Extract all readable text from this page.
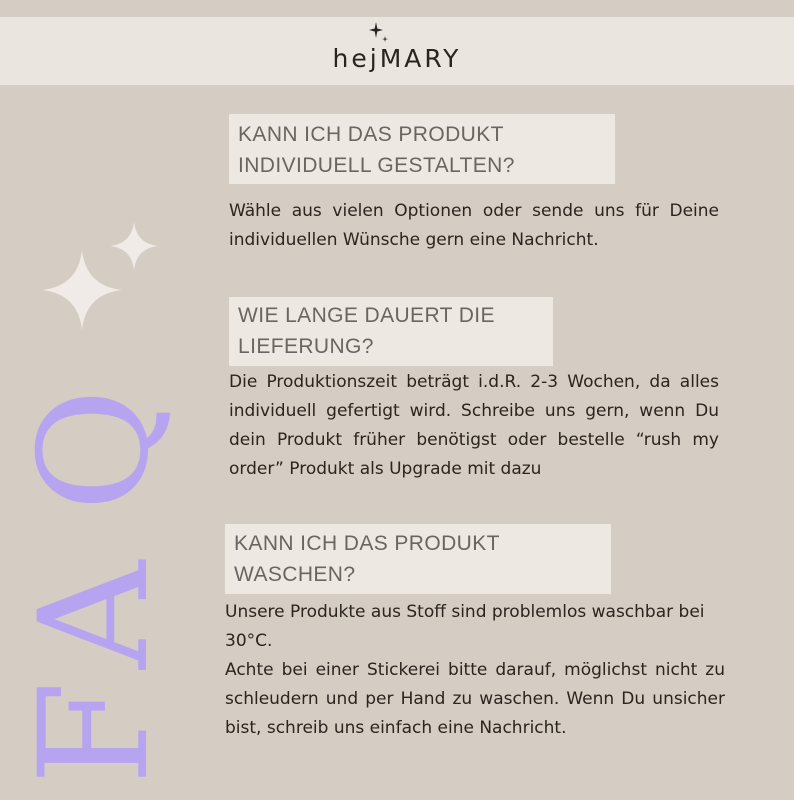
hejMARY
F
A
Q
KANN ICH DAS PRODUKT INDIVIDUELL GESTALTEN?
Wähle aus vielen Optionen oder sende uns für Deine individuellen Wünsche gern eine Nachricht.
WIE LANGE DAUERT DIE LIEFERUNG?
Die Produktionszeit beträgt i.d.R. 2-3 Wochen, da alles individuell gefertigt wird. Schreibe uns gern, wenn Du dein Produkt früher benötigst oder bestelle “rush my order” Produkt als Upgrade mit dazu
KANN ICH DAS PRODUKT WASCHEN?

Unsere Produkte aus Stoff sind problemlos waschbar bei 30°C.

Achte bei einer Stickerei bitte darauf, möglichst nicht zu schleudern und per Hand zu waschen. Wenn Du unsicher bist, schreib uns einfach eine Nachricht.
